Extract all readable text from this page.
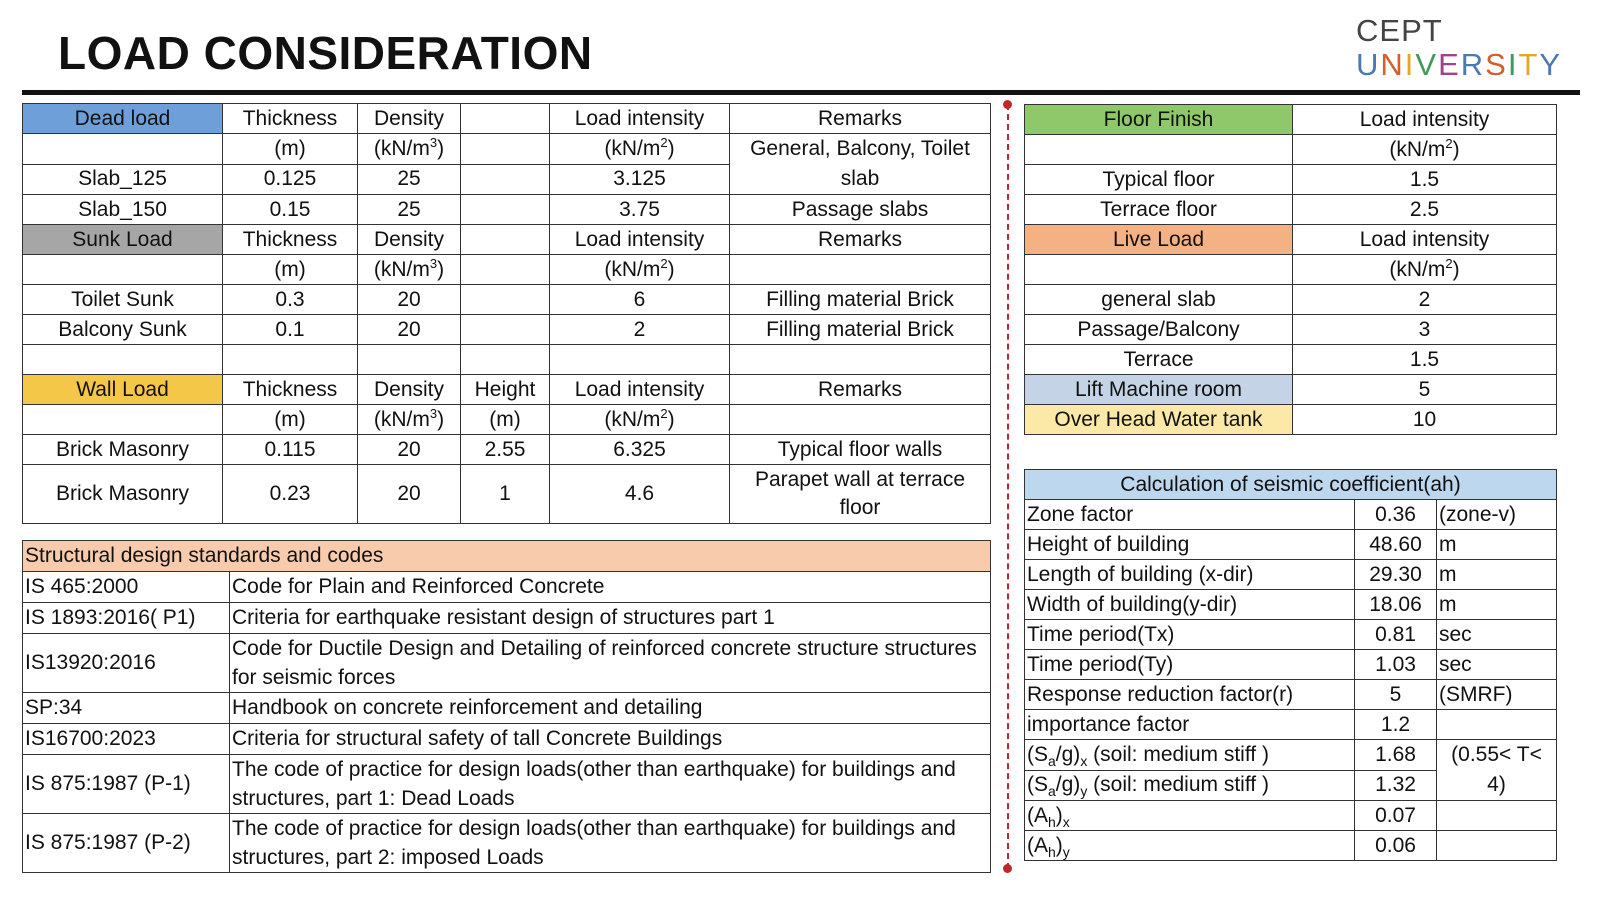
LOAD CONSIDERATION	CEPT
UNIVERSITY
Dead load	Thickness	Density		Load intensity	Remarks
	(m)	$(kN/m^3)$		$(kN/m^2)$	General, Balcony, Toilet slab
Slab_125	0.125	25		3.125	
Slab_150	0.15	25		3.75	Passage slabs
Sunk Load	Thickness	Density		Load intensity	Remarks
	(m)	$(kN/m^3)$		$(kN/m^2)$	
Toilet Sunk	0.3	20		6	Filling material Brick
Balcony Sunk	0.1	20		2	Filling material Brick

Wall Load	Thickness	Density	Height	Load intensity	Remarks
	(m)	$(kN/m^3)$	(m)	$(kN/m^2)$	
Brick Masonry	0.115	20	2.55	6.325	Typical floor walls
Brick Masonry	0.23	20	1	4.6	Parapet wall at terrace floor
Structural design standards and codes	
IS 465:2000	Code for Plain and Reinforced Concrete
IS 1893:2016( P1)	Criteria for earthquake resistant design of structures part 1
IS13920:2016	Code for Ductile Design and Detailing of reinforced concrete structure structures for seismic forces
SP:34	Handbook on concrete reinforcement and detailing
IS16700:2023	Criteria for structural safety of tall Concrete Buildings
IS 875:1987 (P-1)	The code of practice for design loads(other than earthquake) for buildings and structures, part 1: Dead Loads
IS 875:1987 (P-2)	The code of practice for design loads(other than earthquake) for buildings and structures, part 2: imposed Loads
Floor Finish	Load intensity
	$(kN/m^2)$
Typical floor	1.5
Terrace floor	2.5
Live Load	Load intensity
	$(kN/m^2)$
general slab	2
Passage/Balcony	3
Terrace	1.5
Lift Machine room	5
Over Head Water tank	10
Calculation of seismic coefficient(ah)		
Zone factor	0.36	(zone-v)
Height of building	48.60	m
Length of building (x-dir)	29.30	m
Width of building(y-dir)	18.06	m
Time period(Tx)	0.81	sec
Time period(Ty)	1.03	sec
Response reduction factor(r)	5	(SMRF)
importance factor	1.2	
$(S_a/g)_x$ (soil: medium stiff )	1.68	(0.55< T< 4)
$(S_a/g)_y$ (soil: medium stiff )	1.32	
$(A_h)_x$	0.07	
$(A_h)_y$	0.06	
